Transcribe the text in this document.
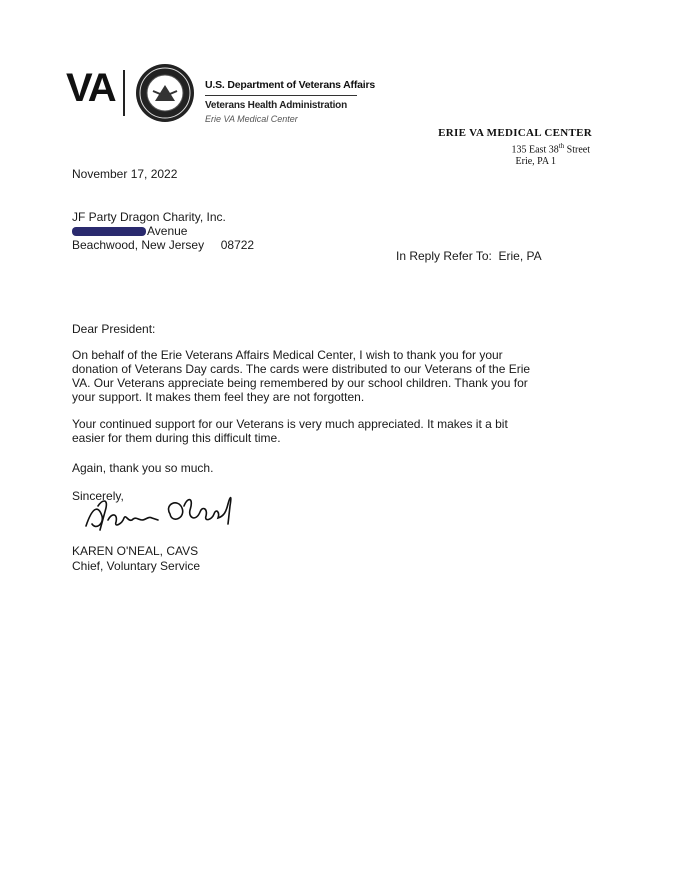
VA	U.S. Department of Veterans Affairs
Veterans Health Administration
Erie VA Medical Center
ERIE VA MEDICAL CENTER
135 East 38th Street
Erie, PA 1
November 17, 2022
JF Party Dragon Charity, Inc.
Avenue
Beachwood, New Jersey     08722
In Reply Refer To:  Erie, PA
Dear President:

On behalf of the Erie Veterans Affairs Medical Center, I wish to thank you for your donation of Veterans Day cards. The cards were distributed to our Veterans of the Erie VA. Our Veterans appreciate being remembered by our school children. Thank you for your support. It makes them feel they are not forgotten.

Your continued support for our Veterans is very much appreciated. It makes it a bit easier for them during this difficult time.

Again, thank you so much.
Sincerely,
KAREN O'NEAL, CAVS
Chief, Voluntary Service
